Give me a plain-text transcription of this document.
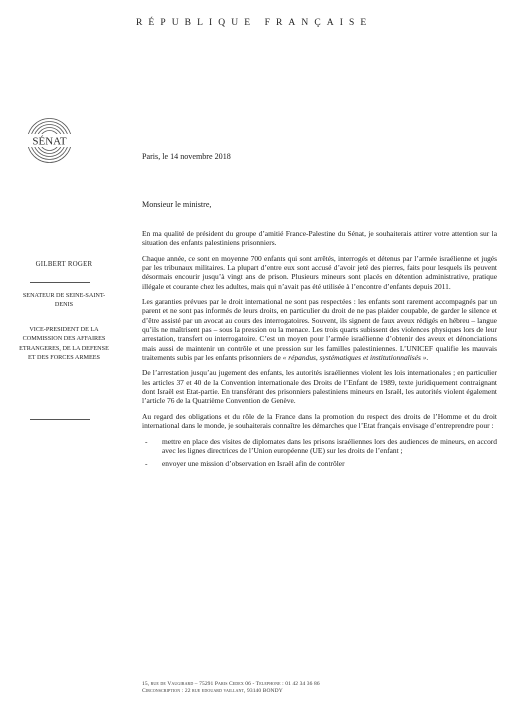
RÉPUBLIQUE FRANÇAISE
SÉNAT
GILBERT ROGER
SENATEUR DE SEINE-SAINT-DENIS
VICE-PRESIDENT DE LA COMMISSION DES AFFAIRES ETRANGERES, DE LA DEFENSE ET DES FORCES ARMEES
Paris, le 14 novembre 2018
Monsieur le ministre,

En ma qualité de président du groupe d’amitié France-Palestine du Sénat, je souhaiterais attirer votre attention sur la situation des enfants palestiniens prisonniers.

Chaque année, ce sont en moyenne 700 enfants qui sont arrêtés, interrogés et détenus par l’armée israélienne et jugés par les tribunaux militaires. La plupart d’entre eux sont accusé d’avoir jeté des pierres, faits pour lesquels ils peuvent désormais encourir jusqu’à vingt ans de prison. Plusieurs mineurs sont placés en détention administrative, pratique illégale et courante chez les adultes, mais qui n’avait pas été utilisée à l’encontre d’enfants depuis 2011.

Les garanties prévues par le droit international ne sont pas respectées : les enfants sont rarement accompagnés par un parent et ne sont pas informés de leurs droits, en particulier du droit de ne pas plaider coupable, de garder le silence et d’être assisté par un avocat au cours des interrogatoires. Souvent, ils signent de faux aveux rédigés en hébreu – langue qu’ils ne maîtrisent pas – sous la pression ou la menace. Les trois quarts subissent des violences physiques lors de leur arrestation, transfert ou interrogatoire. C’est un moyen pour l’armée israélienne d’obtenir des aveux et dénonciations mais aussi de maintenir un contrôle et une pression sur les familles palestiniennes. L’UNICEF qualifie les mauvais traitements subis par les enfants prisonniers de « répandus, systématiques et institutionnalisés ».

De l’arrestation jusqu’au jugement des enfants, les autorités israéliennes violent les lois internationales ; en particulier les articles 37 et 40 de la Convention internationale des Droits de l’Enfant de 1989, texte juridiquement contraignant dont Israël est Etat-partie. En transférant des prisonniers palestiniens mineurs en Israël, les autorités violent également l’article 76 de la Quatrième Convention de Genève.

Au regard des obligations et du rôle de la France dans la promotion du respect des droits de l’Homme et du droit international dans le monde, je souhaiterais connaître les démarches que l’Etat français envisage d’entreprendre pour :

- mettre en place des visites de diplomates dans les prisons israéliennes lors des audiences de mineurs, en accord avec les lignes directrices de l’Union européenne (UE) sur les droits de l’enfant ;
- envoyer une mission d’observation en Israël afin de contrôler
15, rue de Vaugirard – 75291 Paris Cedex 06 - Telephone : 01 42 34 36 86
Circonscription : 22 rue edouard vaillant, 93140 BONDY
